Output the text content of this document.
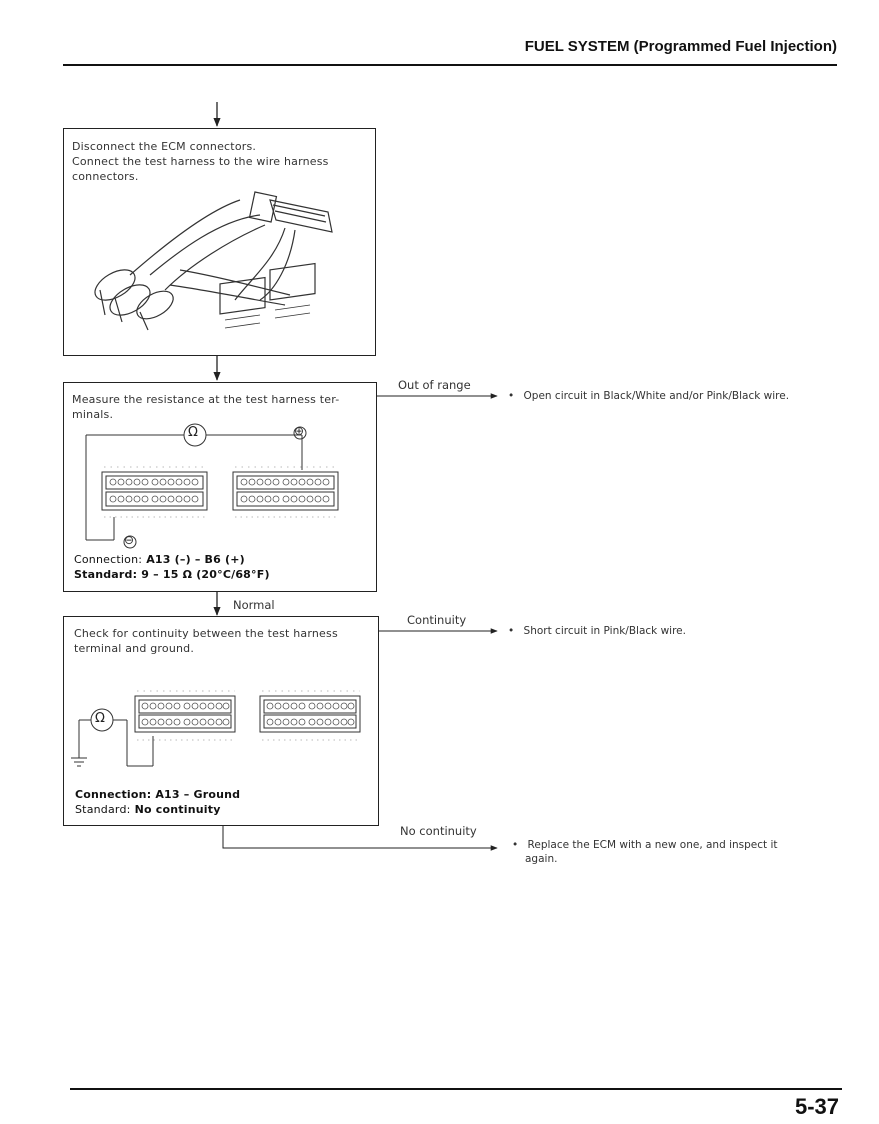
FUEL SYSTEM (Programmed Fuel Injection)
Disconnect the ECM connectors.
Connect the test harness to the wire harness
connectors.
Measure the resistance at the test harness ter-
minals.
Ω	⊕
⊖
Connection: A13 (–) – B6 (+)
Standard: 9 – 15 Ω (20°C/68°F)
Out of range
• Open circuit in Black/White and/or Pink/Black wire.
Normal
Check for continuity between the test harness
terminal and ground.
Ω
Connection: A13 – Ground
Standard: No continuity
Continuity
• Short circuit in Pink/Black wire.
No continuity
• Replace the ECM with a new one, and inspect it
again.
5-37
